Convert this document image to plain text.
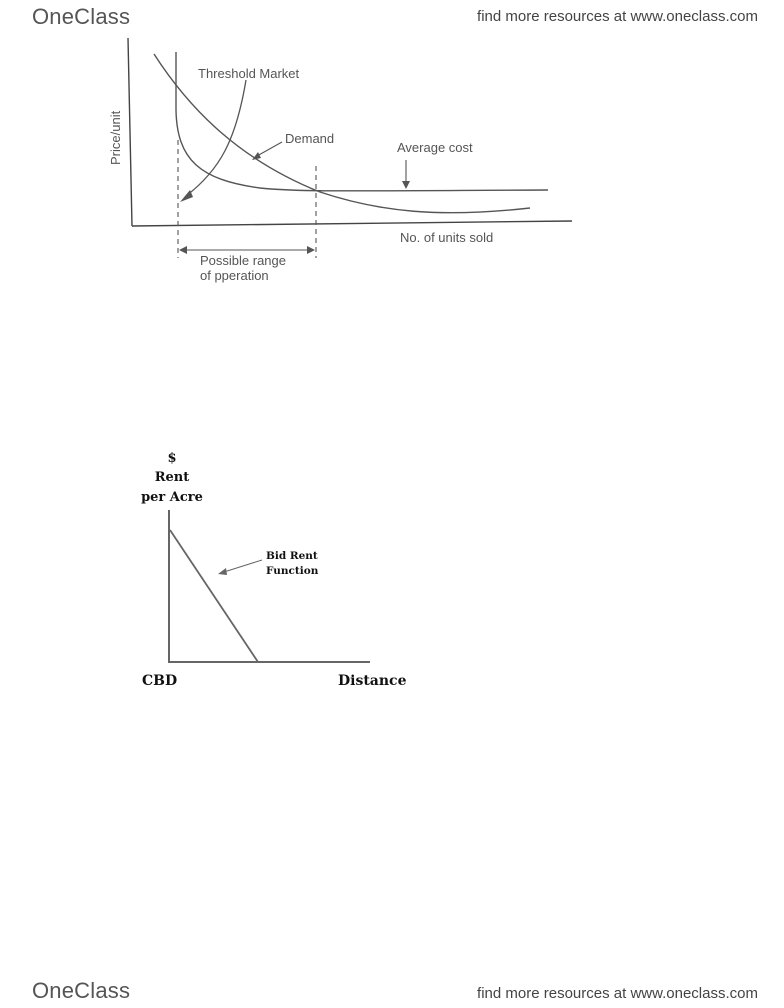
OneClass	find more resources at www.oneclass.com
Price/unit
Threshold Market
Demand
Average cost
No. of units sold
Possible range
of pperation
$
Rent
per Acre
Bid Rent
Function
CBD	Distance
OneClass	find more resources at www.oneclass.com
